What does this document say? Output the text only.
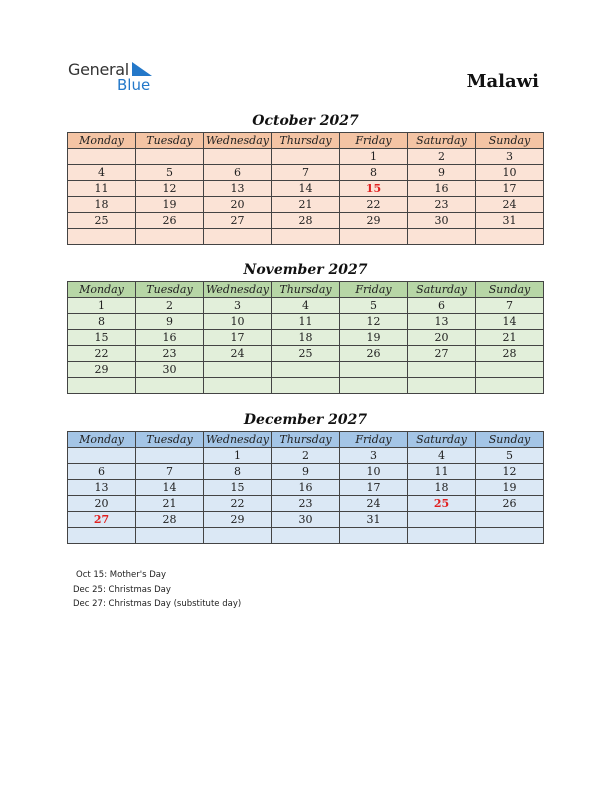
General
Blue	Malawi
October 2027
Monday	Tuesday	Wednesday	Thursday	Friday	Saturday	Sunday
				1	2	3
4	5	6	7	8	9	10
11	12	13	14	15	16	17
18	19	20	21	22	23	24
25	26	27	28	29	30	31

November 2027
Monday	Tuesday	Wednesday	Thursday	Friday	Saturday	Sunday
1	2	3	4	5	6	7
8	9	10	11	12	13	14
15	16	17	18	19	20	21
22	23	24	25	26	27	28
29	30					

December 2027
Monday	Tuesday	Wednesday	Thursday	Friday	Saturday	Sunday
		1	2	3	4	5
6	7	8	9	10	11	12
13	14	15	16	17	18	19
20	21	22	23	24	25	26
27	28	29	30	31		

Oct 15: Mother's Day
Dec 25: Christmas Day
Dec 27: Christmas Day (substitute day)
